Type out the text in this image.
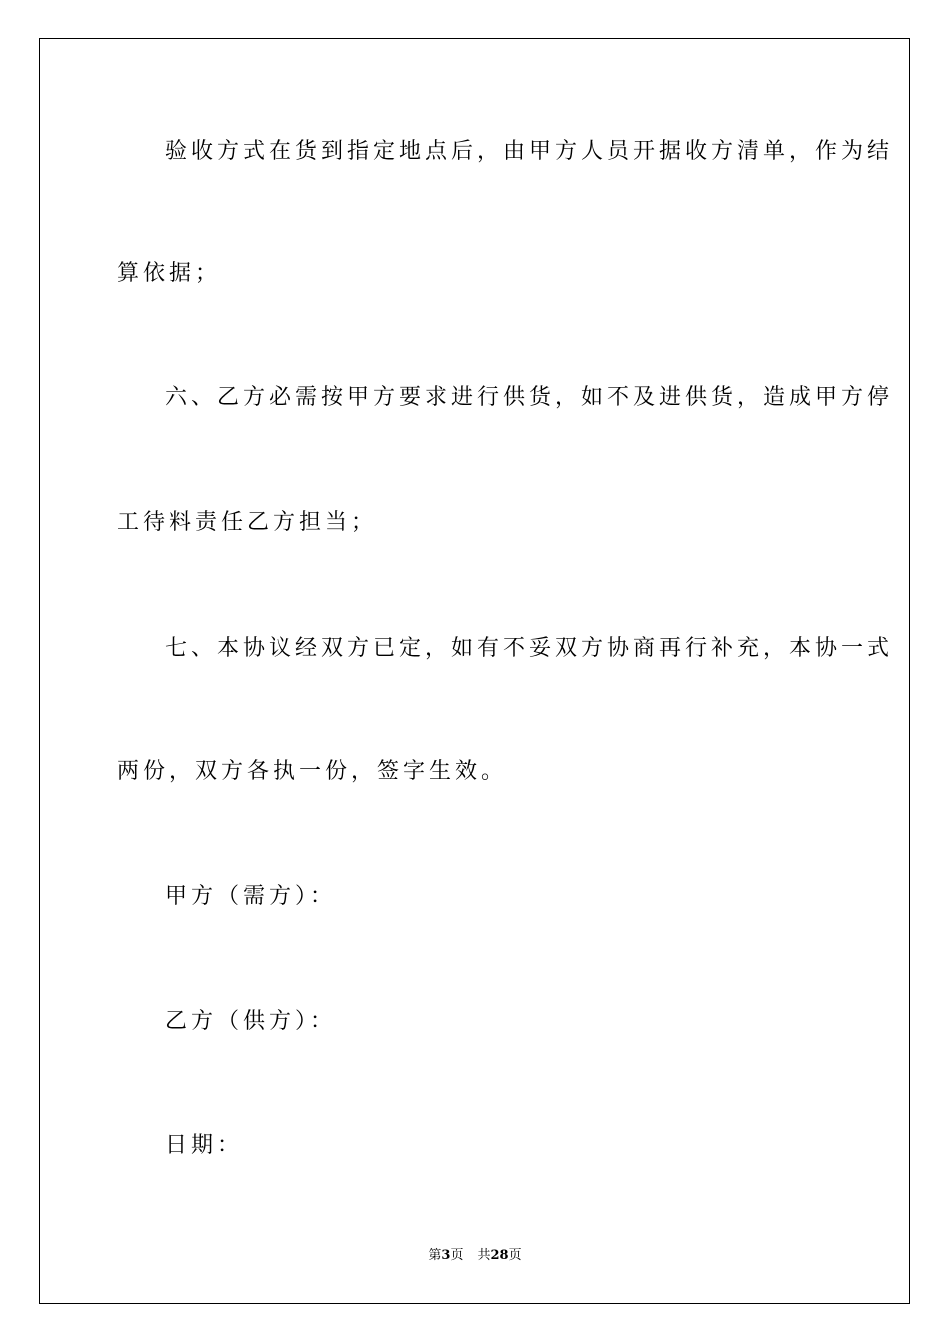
验收方式在货到指定地点后，由甲方人员开据收方清单，作为结
算依据；
六、乙方必需按甲方要求进行供货，如不及进供货，造成甲方停
工待料责任乙方担当；
七、本协议经双方已定，如有不妥双方协商再行补充，本协一式
两份，双方各执一份，签字生效。
甲方（需方）：
乙方（供方）：
日期：
第3页 共28页
